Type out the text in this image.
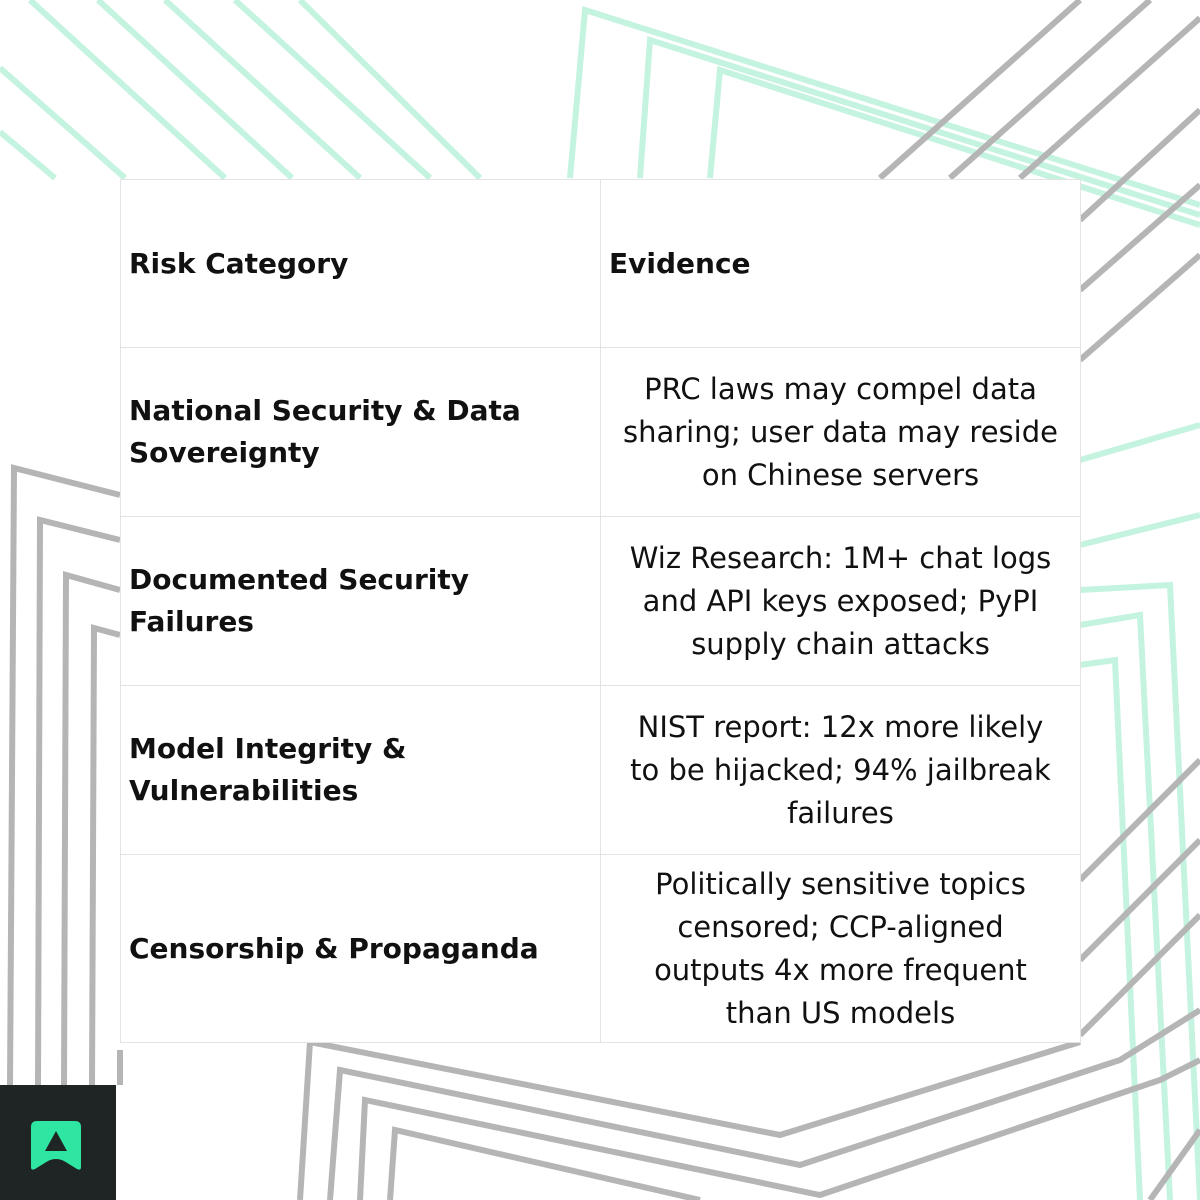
Risk Category	Evidence
National Security & Data Sovereignty	PRC laws may compel data sharing; user data may reside on Chinese servers
Documented Security Failures	Wiz Research: 1M+ chat logs and API keys exposed; PyPI supply chain attacks
Model Integrity & Vulnerabilities	NIST report: 12x more likely to be hijacked; 94% jailbreak failures
Censorship & Propaganda	Politically sensitive topics censored; CCP-aligned outputs 4x more frequent than US models
